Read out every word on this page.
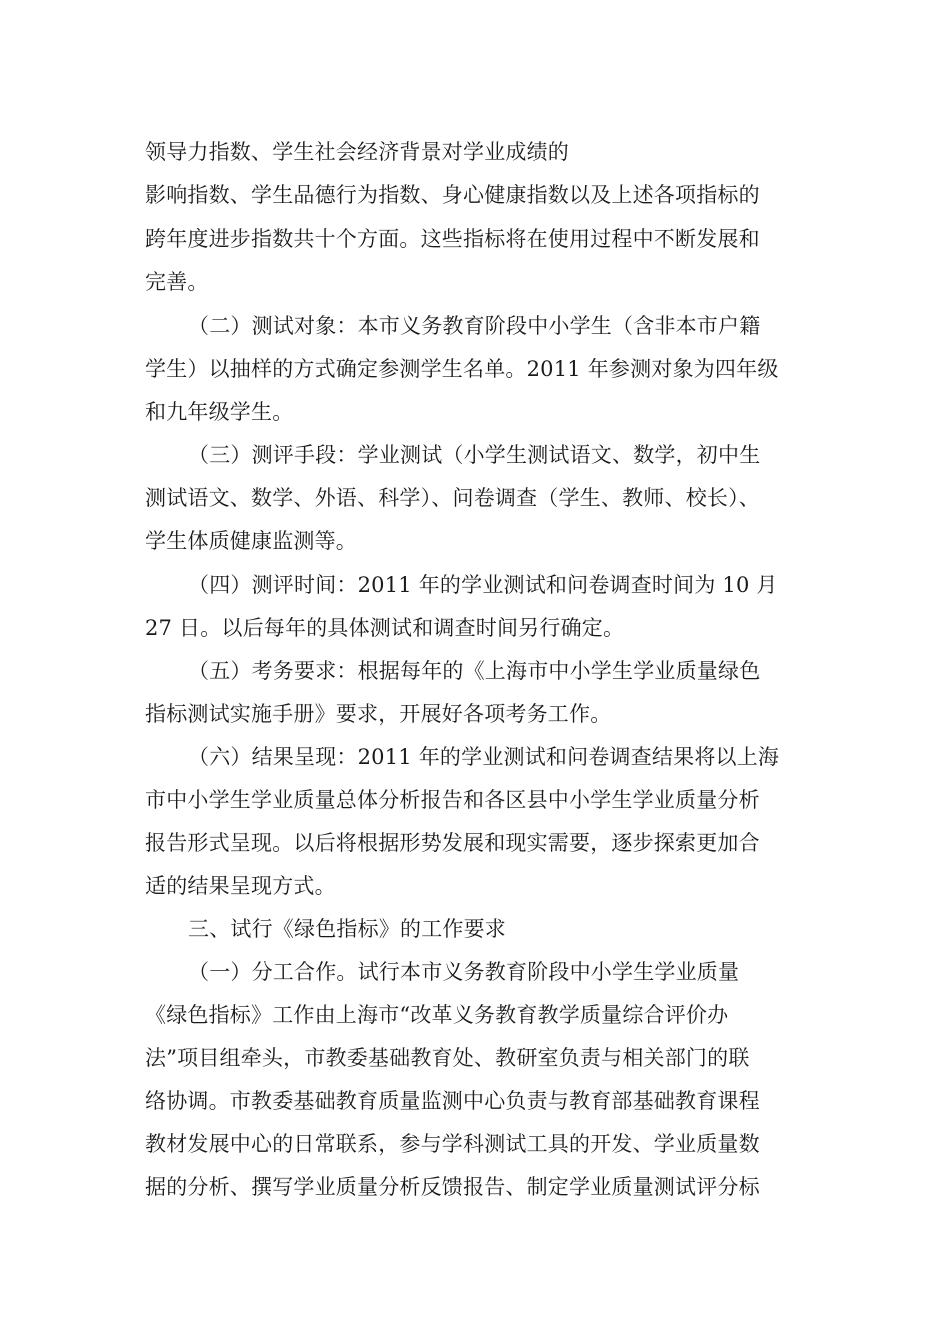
领导力指数、学生社会经济背景对学业成绩的
影响指数、学生品德行为指数、身心健康指数以及上述各项指标的
跨年度进步指数共十个方面。这些指标将在使用过程中不断发展和
完善。
（二）测试对象：本市义务教育阶段中小学生（含非本市户籍
学生）以抽样的方式确定参测学生名单。2011 年参测对象为四年级
和九年级学生。
（三）测评手段：学业测试（小学生测试语文、数学，初中生
测试语文、数学、外语、科学）、问卷调查（学生、教师、校长）、
学生体质健康监测等。
（四）测评时间：2011 年的学业测试和问卷调查时间为 10 月
27 日。以后每年的具体测试和调查时间另行确定。
（五）考务要求：根据每年的《上海市中小学生学业质量绿色
指标测试实施手册》要求，开展好各项考务工作。
（六）结果呈现：2011 年的学业测试和问卷调查结果将以上海
市中小学生学业质量总体分析报告和各区县中小学生学业质量分析
报告形式呈现。以后将根据形势发展和现实需要，逐步探索更加合
适的结果呈现方式。
三、试行《绿色指标》的工作要求
（一）分工合作。试行本市义务教育阶段中小学生学业质量
《绿色指标》工作由上海市“改革义务教育教学质量综合评价办
法”项目组牵头，市教委基础教育处、教研室负责与相关部门的联
络协调。市教委基础教育质量监测中心负责与教育部基础教育课程
教材发展中心的日常联系，参与学科测试工具的开发、学业质量数
据的分析、撰写学业质量分析反馈报告、制定学业质量测试评分标
